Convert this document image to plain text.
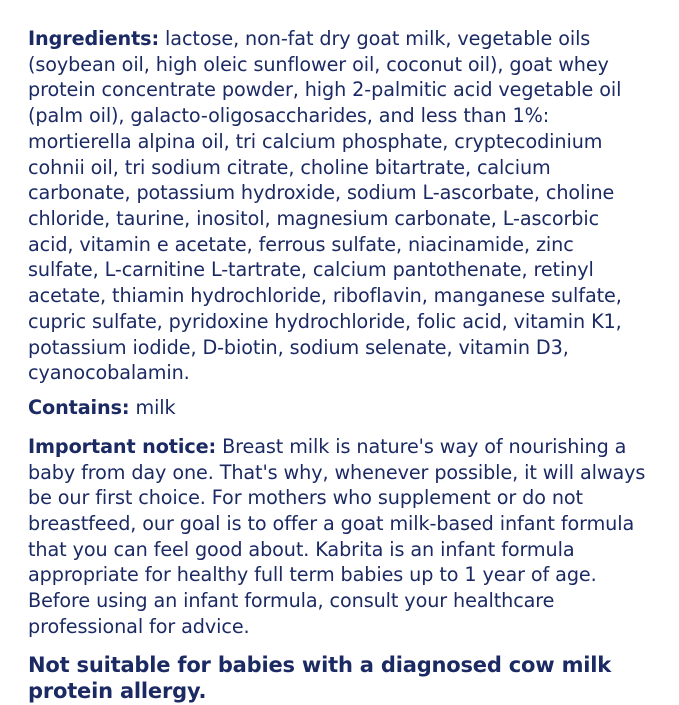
Ingredients: lactose, non-fat dry goat milk, vegetable oils (soybean oil, high oleic sunflower oil, coconut oil), goat whey protein concentrate powder, high 2-palmitic acid vegetable oil (palm oil), galacto-oligosaccharides, and less than 1%: mortierella alpina oil, tri calcium phosphate, cryptecodinium cohnii oil, tri sodium citrate, choline bitartrate, calcium carbonate, potassium hydroxide, sodium L-ascorbate, choline chloride, taurine, inositol, magnesium carbonate, L-ascorbic acid, vitamin e acetate, ferrous sulfate, niacinamide, zinc sulfate, L-carnitine L-tartrate, calcium pantothenate, retinyl acetate, thiamin hydrochloride, riboflavin, manganese sulfate, cupric sulfate, pyridoxine hydrochloride, folic acid, vitamin K1, potassium iodide, D-biotin, sodium selenate, vitamin D3, cyanocobalamin.

Contains: milk

Important notice: Breast milk is nature's way of nourishing a baby from day one. That's why, whenever possible, it will always be our first choice. For mothers who supplement or do not breastfeed, our goal is to offer a goat milk-based infant formula that you can feel good about. Kabrita is an infant formula appropriate for healthy full term babies up to 1 year of age. Before using an infant formula, consult your healthcare professional for advice.

Not suitable for babies with a diagnosed cow milk protein allergy.
